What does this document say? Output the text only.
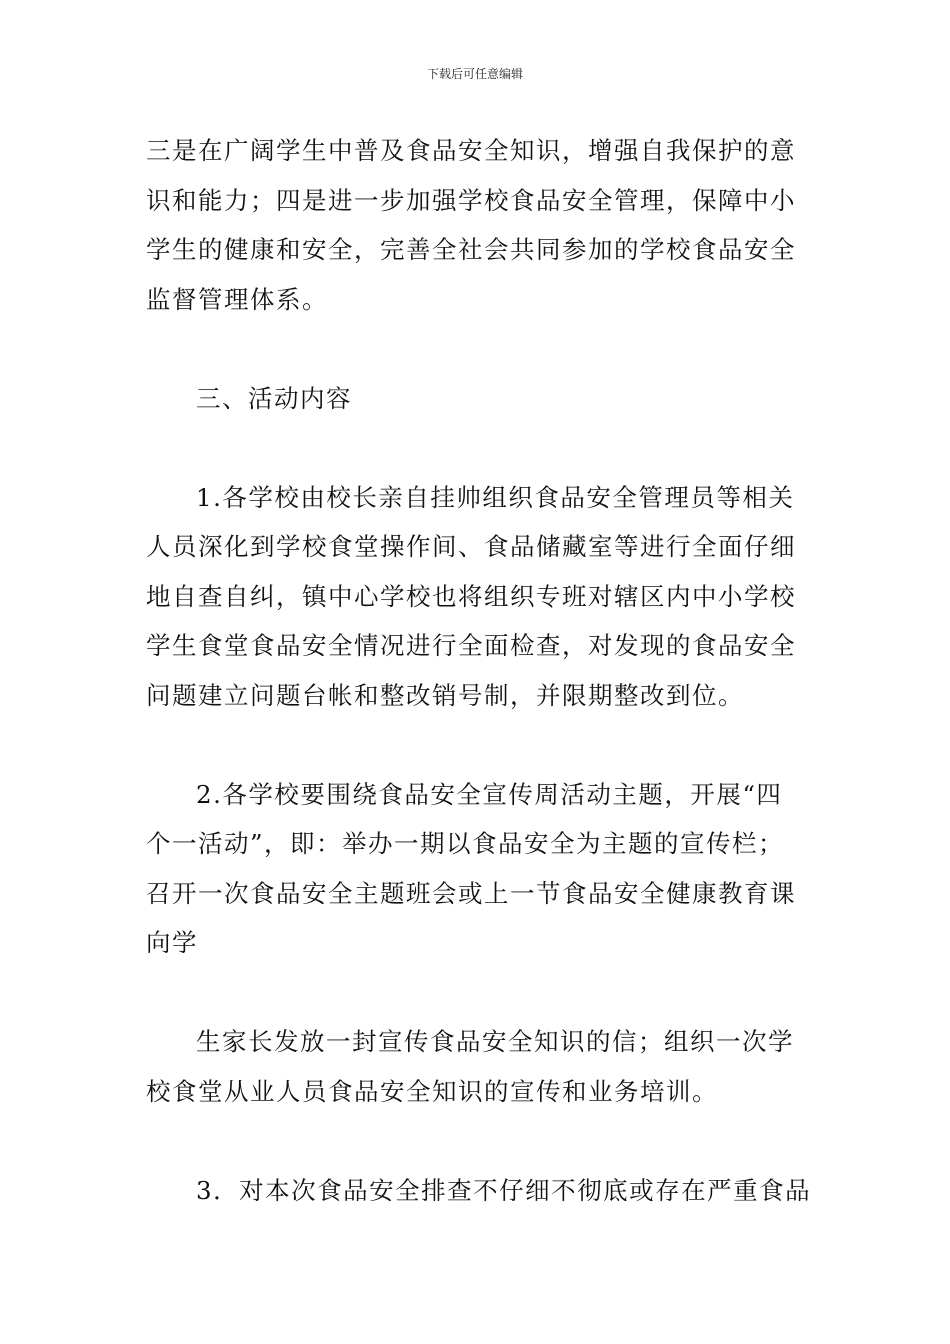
下载后可任意编辑
三是在广阔学生中普及食品安全知识，增强自我保护的意
识和能力；四是进一步加强学校食品安全管理，保障中小
学生的健康和安全，完善全社会共同参加的学校食品安全
监督管理体系。
三、活动内容
1.各学校由校长亲自挂帅组织食品安全管理员等相关
人员深化到学校食堂操作间、食品储藏室等进行全面仔细
地自查自纠，镇中心学校也将组织专班对辖区内中小学校
学生食堂食品安全情况进行全面检查，对发现的食品安全
问题建立问题台帐和整改销号制，并限期整改到位。
2.各学校要围绕食品安全宣传周活动主题，开展“四
个一活动”，即：举办一期以食品安全为主题的宣传栏；
召开一次食品安全主题班会或上一节食品安全健康教育课
向学
生家长发放一封宣传食品安全知识的信；组织一次学
校食堂从业人员食品安全知识的宣传和业务培训。
3．对本次食品安全排查不仔细不彻底或存在严重食品
